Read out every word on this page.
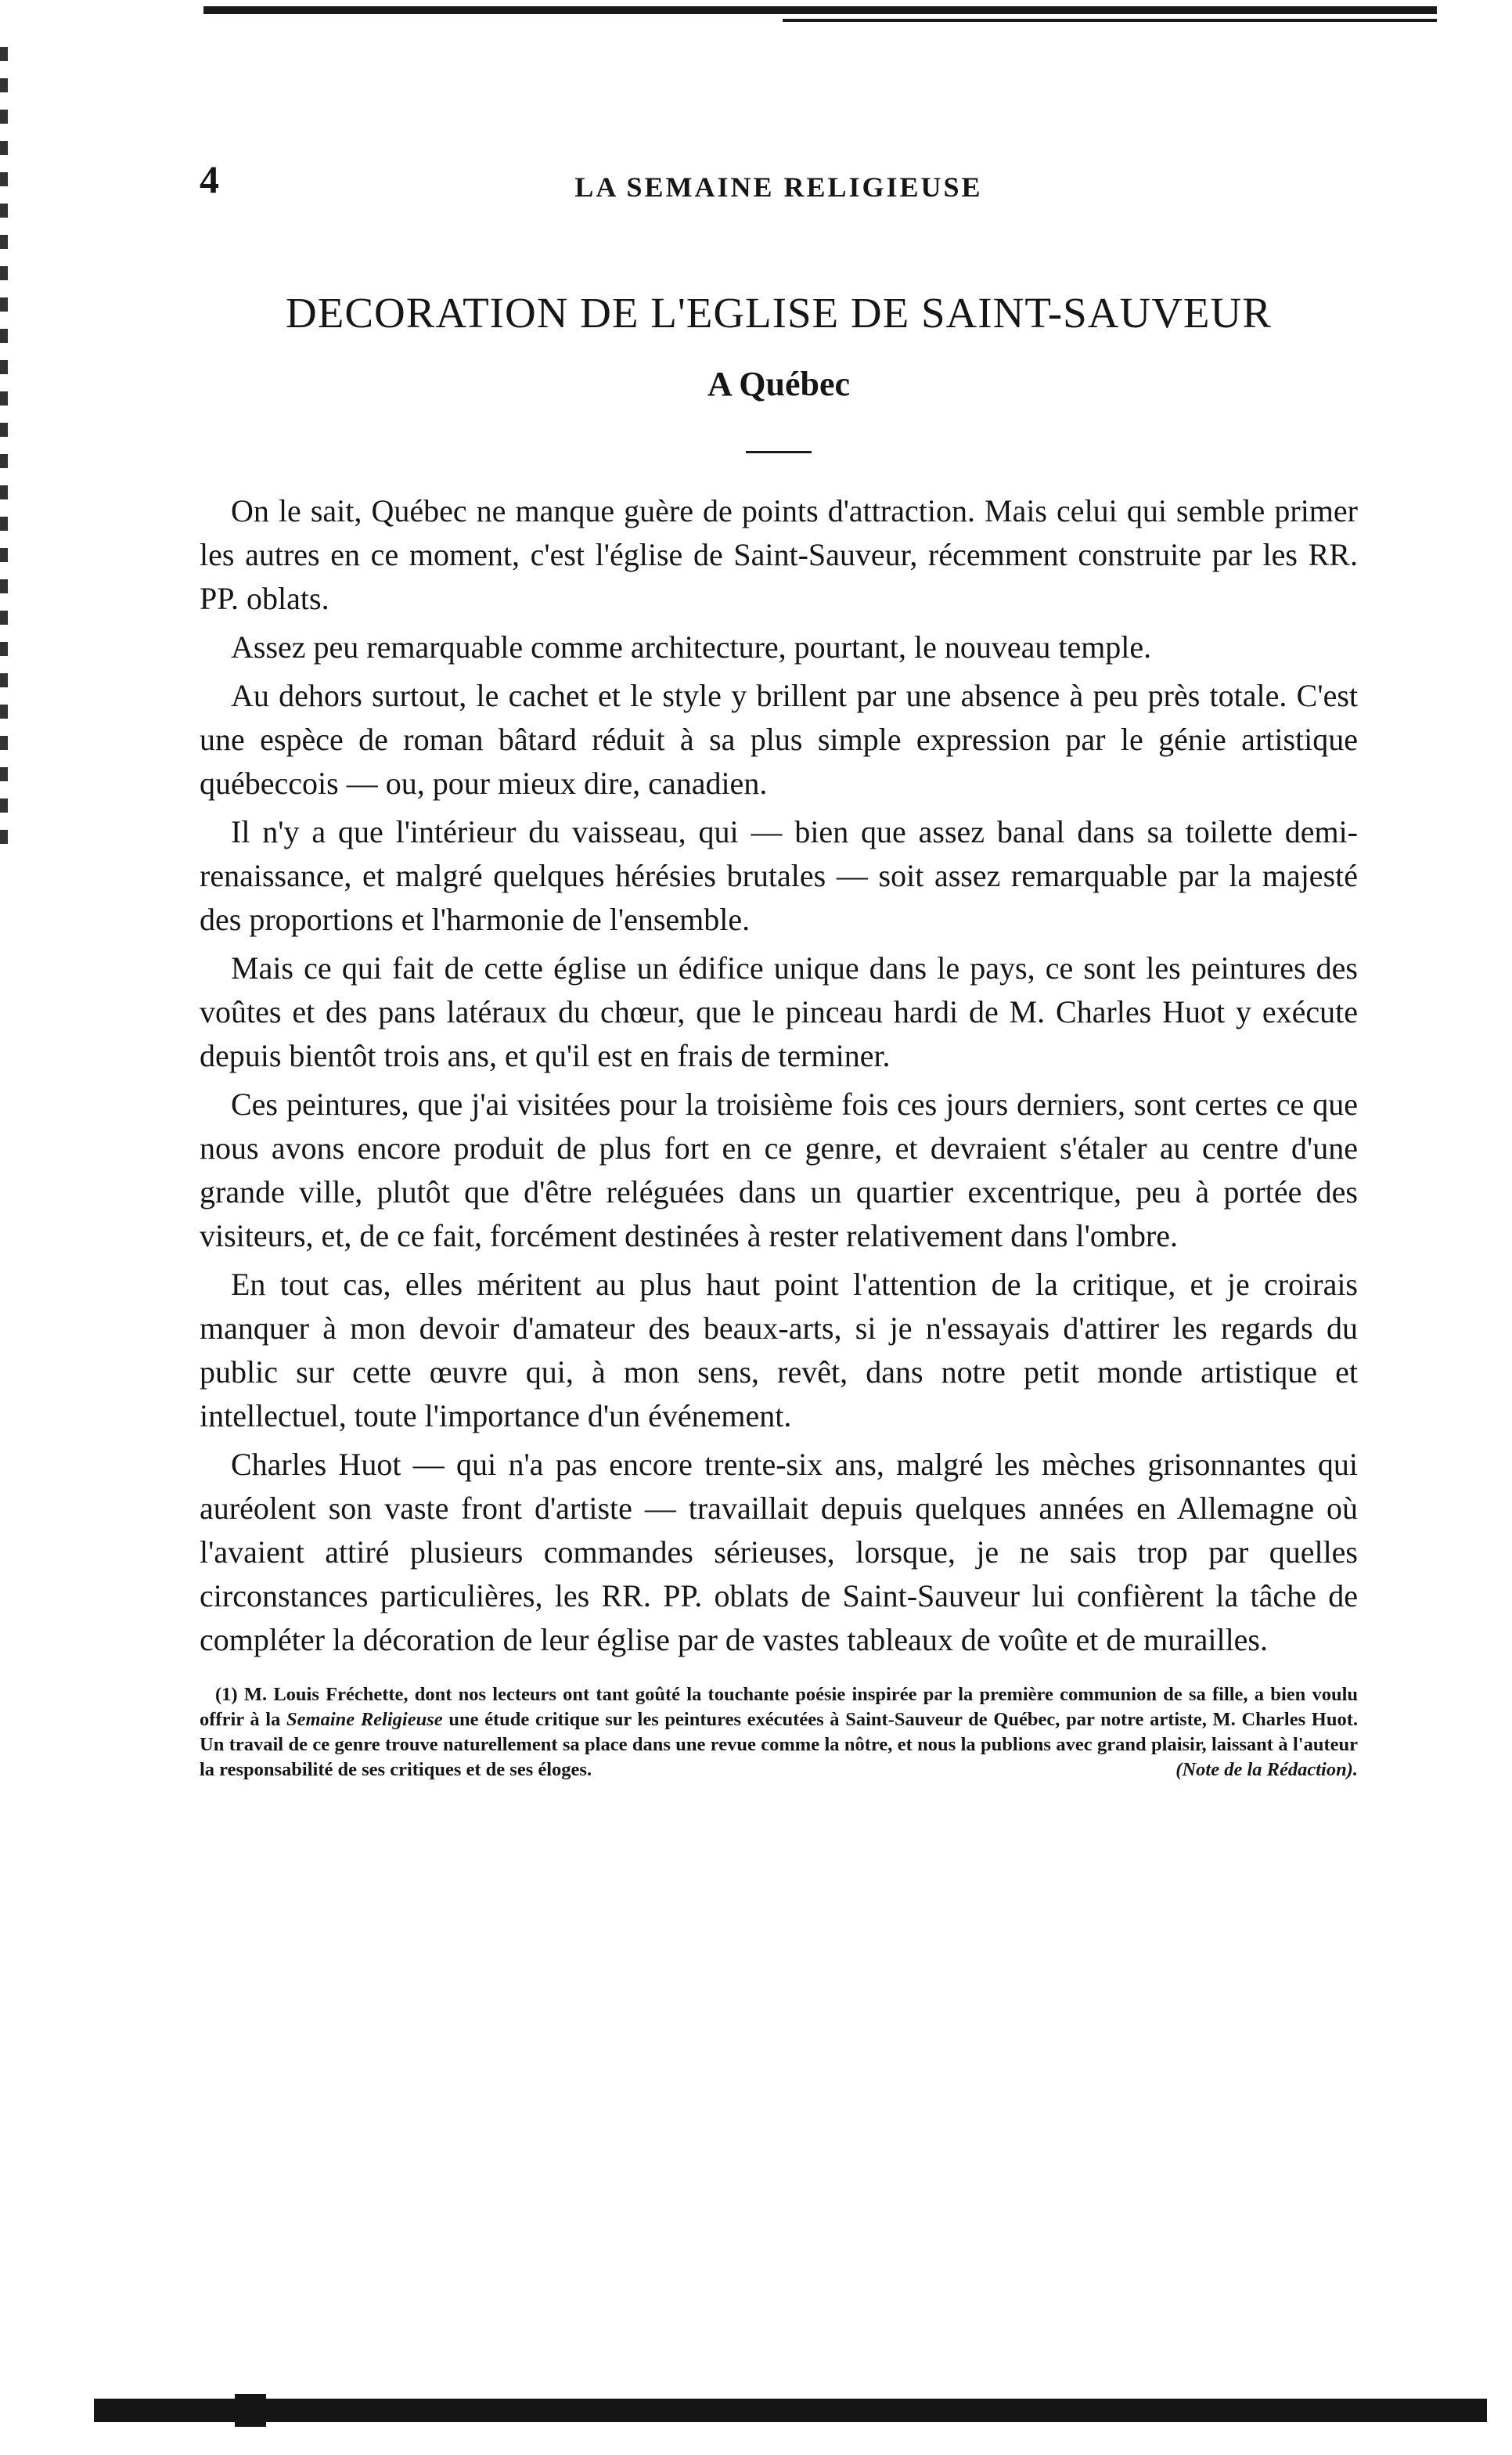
4	LA SEMAINE RELIGIEUSE
DECORATION DE L'EGLISE DE SAINT-SAUVEUR
A Québec

On le sait, Québec ne manque guère de points d'attraction. Mais celui qui semble primer les autres en ce moment, c'est l'église de Saint-Sauveur, récemment construite par les RR. PP. oblats.

Assez peu remarquable comme architecture, pourtant, le nouveau temple.

Au dehors surtout, le cachet et le style y brillent par une absence à peu près totale. C'est une espèce de roman bâtard réduit à sa plus simple expression par le génie artistique québeccois — ou, pour mieux dire, canadien.

Il n'y a que l'intérieur du vaisseau, qui — bien que assez banal dans sa toilette demi-renaissance, et malgré quelques hérésies brutales — soit assez remarquable par la majesté des proportions et l'harmonie de l'ensemble.

Mais ce qui fait de cette église un édifice unique dans le pays, ce sont les peintures des voûtes et des pans latéraux du chœur, que le pinceau hardi de M. Charles Huot y exécute depuis bientôt trois ans, et qu'il est en frais de terminer.

Ces peintures, que j'ai visitées pour la troisième fois ces jours derniers, sont certes ce que nous avons encore produit de plus fort en ce genre, et devraient s'étaler au centre d'une grande ville, plutôt que d'être reléguées dans un quartier excentrique, peu à portée des visiteurs, et, de ce fait, forcément destinées à rester relativement dans l'ombre.

En tout cas, elles méritent au plus haut point l'attention de la critique, et je croirais manquer à mon devoir d'amateur des beaux-arts, si je n'essayais d'attirer les regards du public sur cette œuvre qui, à mon sens, revêt, dans notre petit monde artistique et intellectuel, toute l'importance d'un événement.

Charles Huot — qui n'a pas encore trente-six ans, malgré les mèches grisonnantes qui auréolent son vaste front d'artiste — travaillait depuis quelques années en Allemagne où l'avaient attiré plusieurs commandes sérieuses, lorsque, je ne sais trop par quelles circonstances particulières, les RR. PP. oblats de Saint-Sauveur lui confièrent la tâche de compléter la décoration de leur église par de vastes tableaux de voûte et de murailles.

(1) M. Louis Fréchette, dont nos lecteurs ont tant goûté la touchante poésie inspirée par la première communion de sa fille, a bien voulu offrir à la Semaine Religieuse une étude critique sur les peintures exécutées à Saint-Sauveur de Québec, par notre artiste, M. Charles Huot. Un travail de ce genre trouve naturellement sa place dans une revue comme la nôtre, et nous la publions avec grand plaisir, laissant à l'auteur la responsabilité de ses critiques et de ses éloges.	(Note de la Rédaction).
